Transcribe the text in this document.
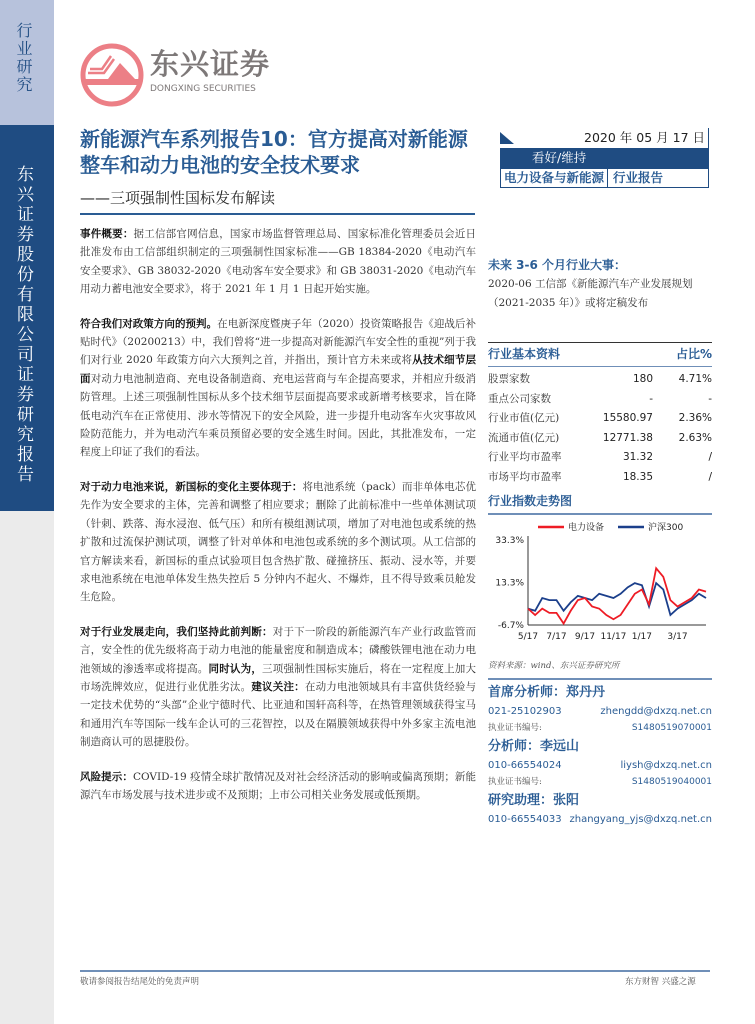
行业研究
东兴证券股份有限公司证券研究报告
东兴证券
DONGXING SECURITIES
新能源汽车系列报告10：官方提高对新能源整车和动力电池的安全技术要求
——三项强制性国标发布解读

事件概要：据工信部官网信息，国家市场监督管理总局、国家标准化管理委员会近日批准发布由工信部组织制定的三项强制性国家标准——GB 18384-2020《电动汽车安全要求》、GB 38032-2020《电动客车安全要求》和 GB 38031-2020《电动汽车用动力蓄电池安全要求》，将于 2021 年 1 月 1 日起开始实施。

符合我们对政策方向的预判。在电新深度暨庚子年（2020）投资策略报告《迎战后补贴时代》（20200213）中，我们曾将“进一步提高对新能源汽车安全性的重视”列于我们对行业 2020 年政策方向六大预判之首，并指出，预计官方未来或将从技术细节层面对动力电池制造商、充电设备制造商、充电运营商与车企提高要求，并相应升级消防管理。上述三项强制性国标从多个技术细节层面提高要求或新增考核要求，旨在降低电动汽车在正常使用、涉水等情况下的安全风险，进一步提升电动客车火灾事故风险防范能力，并为电动汽车乘员预留必要的安全逃生时间。因此，其批准发布，一定程度上印证了我们的看法。

对于动力电池来说，新国标的变化主要体现于：将电池系统（pack）而非单体电芯优先作为安全要求的主体，完善和调整了相应要求；删除了此前标准中一些单体测试项（针刺、跌落、海水浸泡、低气压）和所有模组测试项，增加了对电池包或系统的热扩散和过流保护测试项，调整了针对单体和电池包或系统的多个测试项。从工信部的官方解读来看，新国标的重点试验项目包含热扩散、碰撞挤压、振动、浸水等，并要求电池系统在电池单体发生热失控后 5 分钟内不起火、不爆炸，且不得导致乘员舱发生危险。

对于行业发展走向，我们坚持此前判断：对于下一阶段的新能源汽车产业行政监管而言，安全性的优先级将高于动力电池的能量密度和制造成本；磷酸铁锂电池在动力电池领域的渗透率或将提高。同时认为，三项强制性国标实施后，将在一定程度上加大市场洗牌效应，促进行业优胜劣汰。建议关注：在动力电池领域具有丰富供货经验与一定技术优势的“头部”企业宁德时代、比亚迪和国轩高科等，在热管理领域获得宝马和通用汽车等国际一线车企认可的三花智控，以及在隔膜领域获得中外多家主流电池制造商认可的恩捷股份。

风险提示：COVID-19 疫情全球扩散情况及对社会经济活动的影响或偏离预期；新能源汽车市场发展与技术进步或不及预期；上市公司相关业务发展或低预期。

2020 年 05 月 17 日
看好/维持
电力设备与新能源 行业报告
未来 3-6 个月行业大事：
2020-06 工信部《新能源汽车产业发展规划（2021-2035 年）》或将定稿发布
行业基本资料	占比%
股票家数	180	4.71%
重点公司家数	-	-
行业市值(亿元)	15580.97	2.36%
流通市值(亿元)	12771.38	2.63%
行业平均市盈率	31.32	/
市场平均市盈率	18.35	/
行业指数走势图
33.3%
13.3%
-6.7%
5/17 7/17 9/17 11/17 1/17 3/17
电力设备	沪深300
资料来源：wind、东兴证券研究所
首席分析师：郑丹丹
021-25102903	zhengdd@dxzq.net.cn
执业证书编号:	S1480519070001
分析师：李远山
010-66554024	liysh@dxzq.net.cn
执业证书编号:	S1480519040001
研究助理：张阳
010-66554033 zhangyang_yjs@dxzq.net.cn
敬请参阅报告结尾处的免责声明	东方财智 兴盛之源
